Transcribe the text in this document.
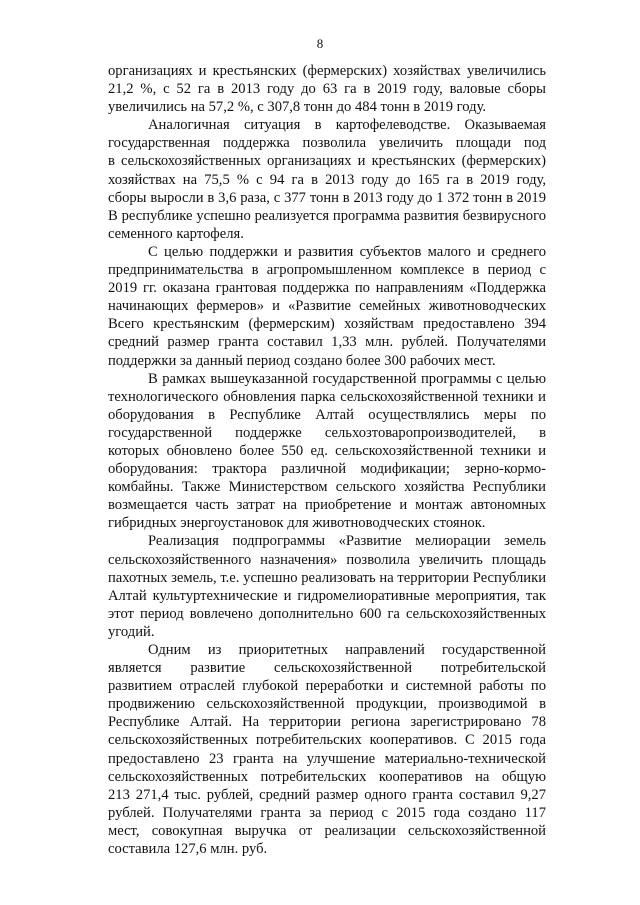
8

организациях и крестьянских (фермерских) хозяйствах увеличились
21,2 %, с 52 га в 2013 году до 63 га в 2019 году, валовые сборы
увеличились на 57,2 %, с 307,8 тонн до 484 тонн в 2019 году.

Аналогичная ситуация в картофелеводстве. Оказываемая
государственная поддержка позволила увеличить площади под
в сельскохозяйственных организациях и крестьянских (фермерских)
хозяйствах на 75,5 % с 94 га в 2013 году до 165 га в 2019 году,
сборы выросли в 3,6 раза, с 377 тонн в 2013 году до 1 372 тонн в 2019
В республике успешно реализуется программа развития безвирусного
семенного картофеля.

С целью поддержки и развития субъектов малого и среднего
предпринимательства в агропромышленном комплексе в период с
2019 гг. оказана грантовая поддержка по направлениям «Поддержка
начинающих фермеров» и «Развитие семейных животноводческих
Всего крестьянским (фермерским) хозяйствам предоставлено 394
средний размер гранта составил 1,33 млн. рублей. Получателями
поддержки за данный период создано более 300 рабочих мест.

В рамках вышеуказанной государственной программы с целью
технологического обновления парка сельскохозяйственной техники и
оборудования в Республике Алтай осуществлялись меры по
государственной поддержке сельхозтоваропроизводителей, в
которых обновлено более 550 ед. сельскохозяйственной техники и
оборудования: трактора различной модификации; зерно-кормо-
комбайны. Также Министерством сельского хозяйства Республики
возмещается часть затрат на приобретение и монтаж автономных
гибридных энергоустановок для животноводческих стоянок.

Реализация подпрограммы «Развитие мелиорации земель
сельскохозяйственного назначения» позволила увеличить площадь
пахотных земель, т.е. успешно реализовать на территории Республики
Алтай культуртехнические и гидромелиоративные мероприятия, так
этот период вовлечено дополнительно 600 га сельскохозяйственных
угодий.

Одним из приоритетных направлений государственной
является развитие сельскохозяйственной потребительской
развитием отраслей глубокой переработки и системной работы по
продвижению сельскохозяйственной продукции, производимой в
Республике Алтай. На территории региона зарегистрировано 78
сельскохозяйственных потребительских кооперативов. С 2015 года
предоставлено 23 гранта на улучшение материально-технической
сельскохозяйственных потребительских кооперативов на общую
213 271,4 тыс. рублей, средний размер одного гранта составил 9,27
рублей. Получателями гранта за период с 2015 года создано 117
мест, совокупная выручка от реализации сельскохозяйственной
составила 127,6 млн. руб.
